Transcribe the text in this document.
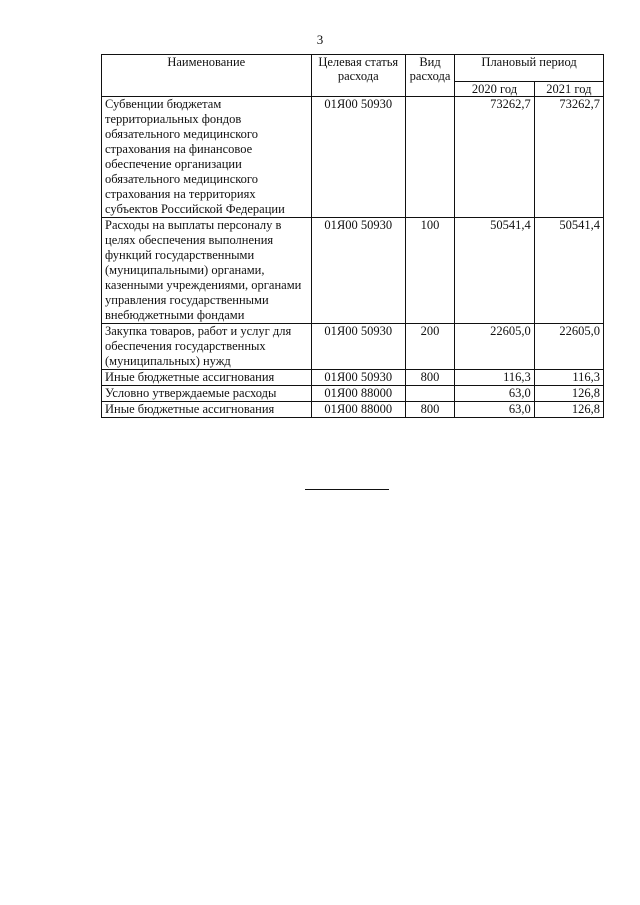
3
Наименование	Целевая статья расхода	Вид расхода	Плановый период	
			2020 год	2021 год
Субвенции бюджетам территориальных фондов обязательного медицинского страхования на финансовое обеспечение организации обязательного медицинского страхования на территориях субъектов Российской Федерации	01Я00 50930		73262,7	73262,7
Расходы на выплаты персоналу в целях обеспечения выполнения функций государственными (муниципальными) органами, казенными учреждениями, органами управления государственными внебюджетными фондами	01Я00 50930	100	50541,4	50541,4
Закупка товаров, работ и услуг для обеспечения государственных (муниципальных) нужд	01Я00 50930	200	22605,0	22605,0
Иные бюджетные ассигнования	01Я00 50930	800	116,3	116,3
Условно утверждаемые расходы	01Я00 88000		63,0	126,8
Иные бюджетные ассигнования	01Я00 88000	800	63,0	126,8
